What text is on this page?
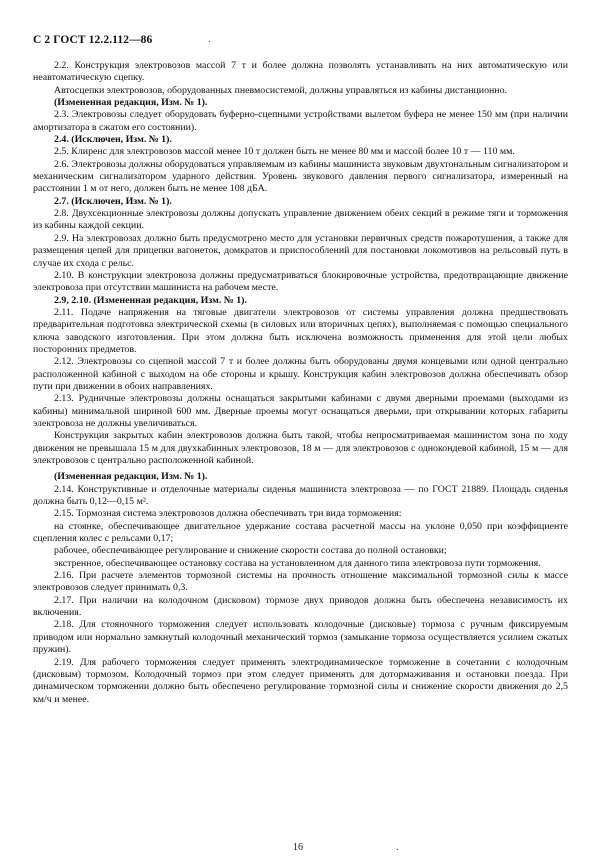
С 2 ГОСТ 12.2.112—86	.

2.2. Конструкция электровозов массой 7 т и более должна позволять устанавливать на них автоматическую или неавтоматическую сцепку.

Автосцепки электровозов, оборудованных пневмосистемой, должны управляться из кабины дистанционно.

(Измененная редакция, Изм. № 1).

2.3. Электровозы следует оборудовать буферно-сцепными устройствами вылетом буфера не менее 150 мм (при наличии амортизатора в сжатом его состоянии).

2.4. (Исключен, Изм. № 1).

2.5. Клиренс для электровозов массой менее 10 т должен быть не менее 80 мм и массой более 10 т — 110 мм.

2.6. Электровозы должны оборудоваться управляемым из кабины машиниста звуковым двухтональным сигнализатором и механическим сигнализатором ударного действия. Уровень звукового давления первого сигнализатора, измеренный на расстоянии 1 м от него, должен быть не менее 108 дБА.

2.7. (Исключен, Изм. № 1).

2.8. Двухсекционные электровозы должны допускать управление движением обеих секций в режиме тяги и торможения из кабины каждой секции.

2.9. На электровозах должно быть предусмотрено место для установки первичных средств пожаротушения, а также для размещения цепей для прицепки вагонеток, домкратов и приспособлений для постановки локомотивов на рельсовый путь в случае их схода с рельс.

2.10. В конструкции электровоза должны предусматриваться блокировочные устройства, предотвращающие движение электровоза при отсутствии машиниста на рабочем месте.

2.9, 2.10. (Измененная редакция, Изм. № 1).

2.11. Подаче напряжения на тяговые двигатели электровозов от системы управления должна предшествовать предварительная подготовка электрической схемы (в силовых или вторичных цепях), выполняемая с помощью специального ключа заводского изготовления. При этом должна быть исключена возможность применения для этой цели любых посторонних предметов.

2.12. Электровозы со сцепной массой 7 т и более должны быть оборудованы двумя концевыми или одной центрально расположенной кабиной с выходом на обе стороны и крышу. Конструкция кабин электровозов должна обеспечивать обзор пути при движении в обоих направлениях.

2.13. Рудничные электровозы должны оснащаться закрытыми кабинами с двумя дверными проемами (выходами из кабины) минимальной шириной 600 мм. Дверные проемы могут оснащаться дверьми, при открывании которых габариты электровоза не должны увеличиваться.

Конструкция закрытых кабин электровозов должна быть такой, чтобы непросматриваемая машинистом зона по ходу движения не превышала 15 м для двухкабинных электровозов, 18 м — для электровозов с однокондевой кабиной, 15 м — для электровозов с центрально расположенной кабиной.

(Измененная редакция, Изм. № 1).

2.14. Конструктивные и отделочные материалы сиденья машиниста электровоза — по ГОСТ 21889. Площадь сиденья должна быть 0,12—0,15 м².

2.15. Тормозная система электровозов должна обеспечивать три вида торможения:

на стоянке, обеспечивающее двигательное удержание состава расчетной массы на уклоне 0,050 при коэффициенте сцепления колес с рельсами 0,17;

рабочее, обеспечивающее регулирование и снижение скорости состава до полной остановки;

экстренное, обеспечивающее остановку состава на установленном для данного типа электровоза пути торможения.

2.16. При расчете элементов тормозной системы на прочность отношение максимальной тормозной силы к массе электровозов следует принимать 0,3.

2.17. При наличии на колодочном (дисковом) тормозе двух приводов должна быть обеспечена независимость их включения.

2.18. Для стояночного торможения следует использовать колодочные (дисковые) тормоза с ручным фиксируемым приводом или нормально замкнутый колодочный механический тормоз (замыкание тормоза осуществляется усилием сжатых пружин).

2.19. Для рабочего торможения следует применять электродинамическое торможение в сочетании с колодочным (дисковым) тормозом. Колодочный тормоз при этом следует применять для дотормаживания и остановки поезда. При динамическом торможении должно быть обеспечено регулирование тормозной силы и снижение скорости движения до 2,5 км/ч и менее.

16	.
